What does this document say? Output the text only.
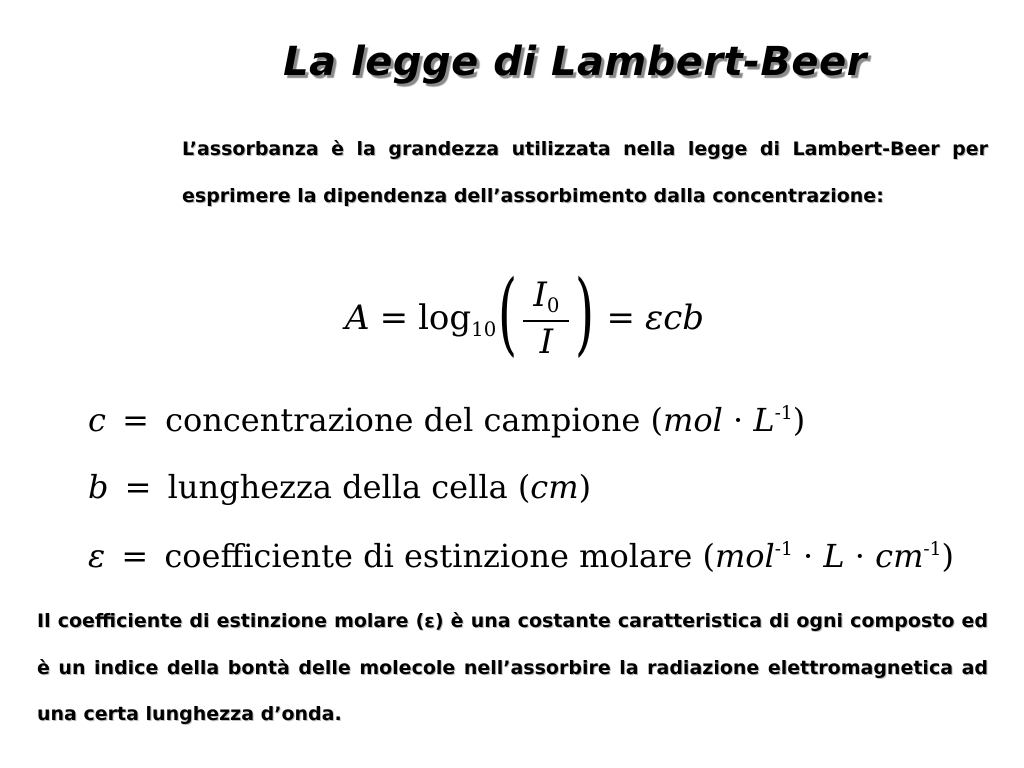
La legge di Lambert-Beer

L’assorbanza è la grandezza utilizzata nella legge di Lambert-Beer per esprimere la dipendenza dell’assorbimento dalla concentrazione:

$A = \log_{10}$ ( $\frac{I_0}{I}$ ) = εcb
c = concentrazione del campione $(mol \cdot L^{-1})$
b = lunghezza della cella (cm)
ε = coefficiente di estinzione molare $(mol^{-1} \cdot L \cdot cm^{-1})$

Il coefficiente di estinzione molare (ε) è una costante caratteristica di ogni composto ed è un indice della bontà delle molecole nell’assorbire la radiazione elettromagnetica ad una certa lunghezza d’onda.
